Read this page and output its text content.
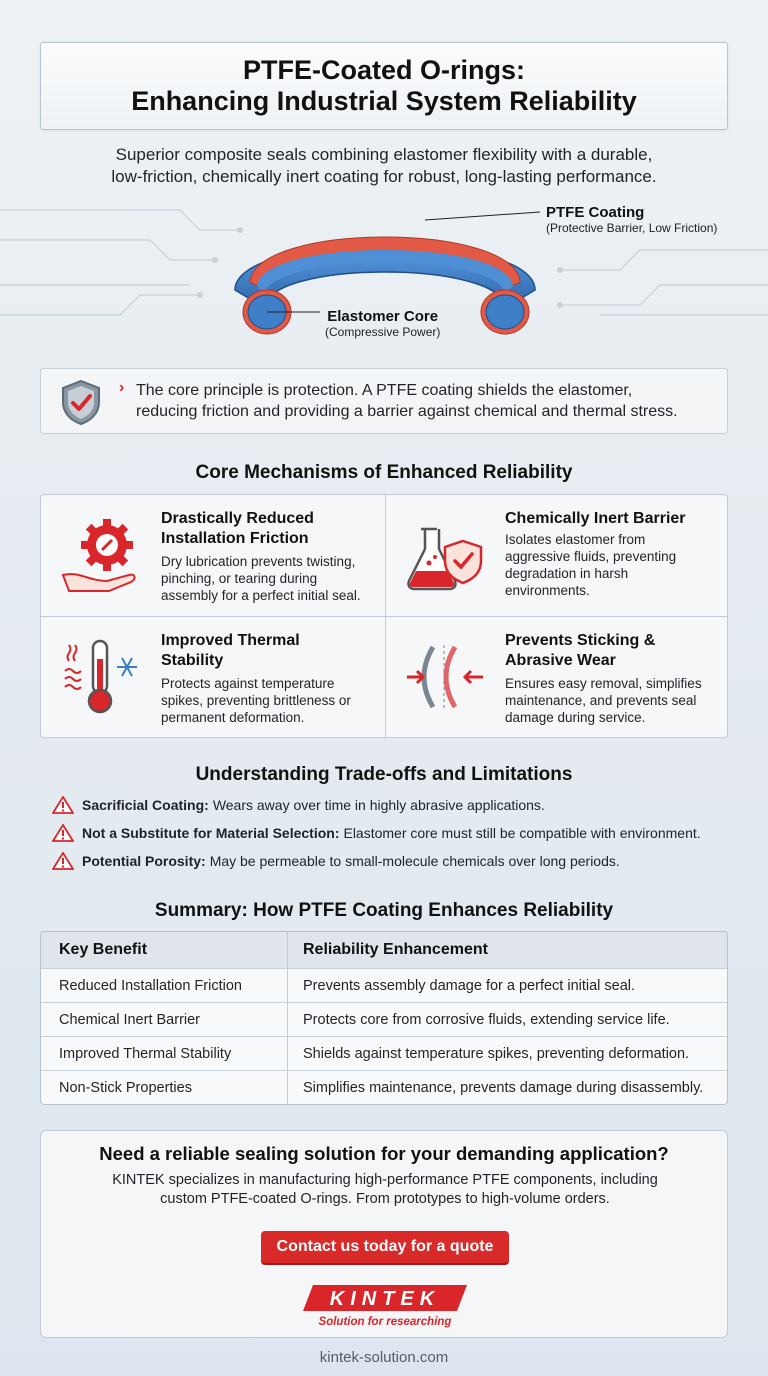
PTFE-Coated O-rings:
Enhancing Industrial System Reliability
Superior composite seals combining elastomer flexibility with a durable,
low-friction, chemically inert coating for robust, long-lasting performance.
PTFE Coating
(Protective Barrier, Low Friction)
Elastomer Core
(Compressive Power)
› The core principle is protection. A PTFE coating shields the elastomer,
reducing friction and providing a barrier against chemical and thermal stress.
Core Mechanisms of Enhanced Reliability
Drastically Reduced
Installation Friction
Dry lubrication prevents twisting,
pinching, or tearing during
assembly for a perfect initial seal.
Chemically Inert Barrier
Isolates elastomer from
aggressive fluids, preventing
degradation in harsh
environments.
Improved Thermal
Stability
Protects against temperature
spikes, preventing brittleness or
permanent deformation.
Prevents Sticking &
Abrasive Wear
Ensures easy removal, simplifies
maintenance, and prevents seal
damage during service.
Understanding Trade-offs and Limitations
Sacrificial Coating: Wears away over time in highly abrasive applications.
Not a Substitute for Material Selection: Elastomer core must still be compatible with environment.
Potential Porosity: May be permeable to small-molecule chemicals over long periods.
Summary: How PTFE Coating Enhances Reliability
Key Benefit	Reliability Enhancement
Reduced Installation Friction	Prevents assembly damage for a perfect initial seal.
Chemical Inert Barrier	Protects core from corrosive fluids, extending service life.
Improved Thermal Stability	Shields against temperature spikes, preventing deformation.
Non-Stick Properties	Simplifies maintenance, prevents damage during disassembly.
Need a reliable sealing solution for your demanding application?
KINTEK specializes in manufacturing high-performance PTFE components, including
custom PTFE-coated O-rings. From prototypes to high-volume orders.
Contact us today for a quote
KINTEK
Solution for researching
kintek-solution.com
